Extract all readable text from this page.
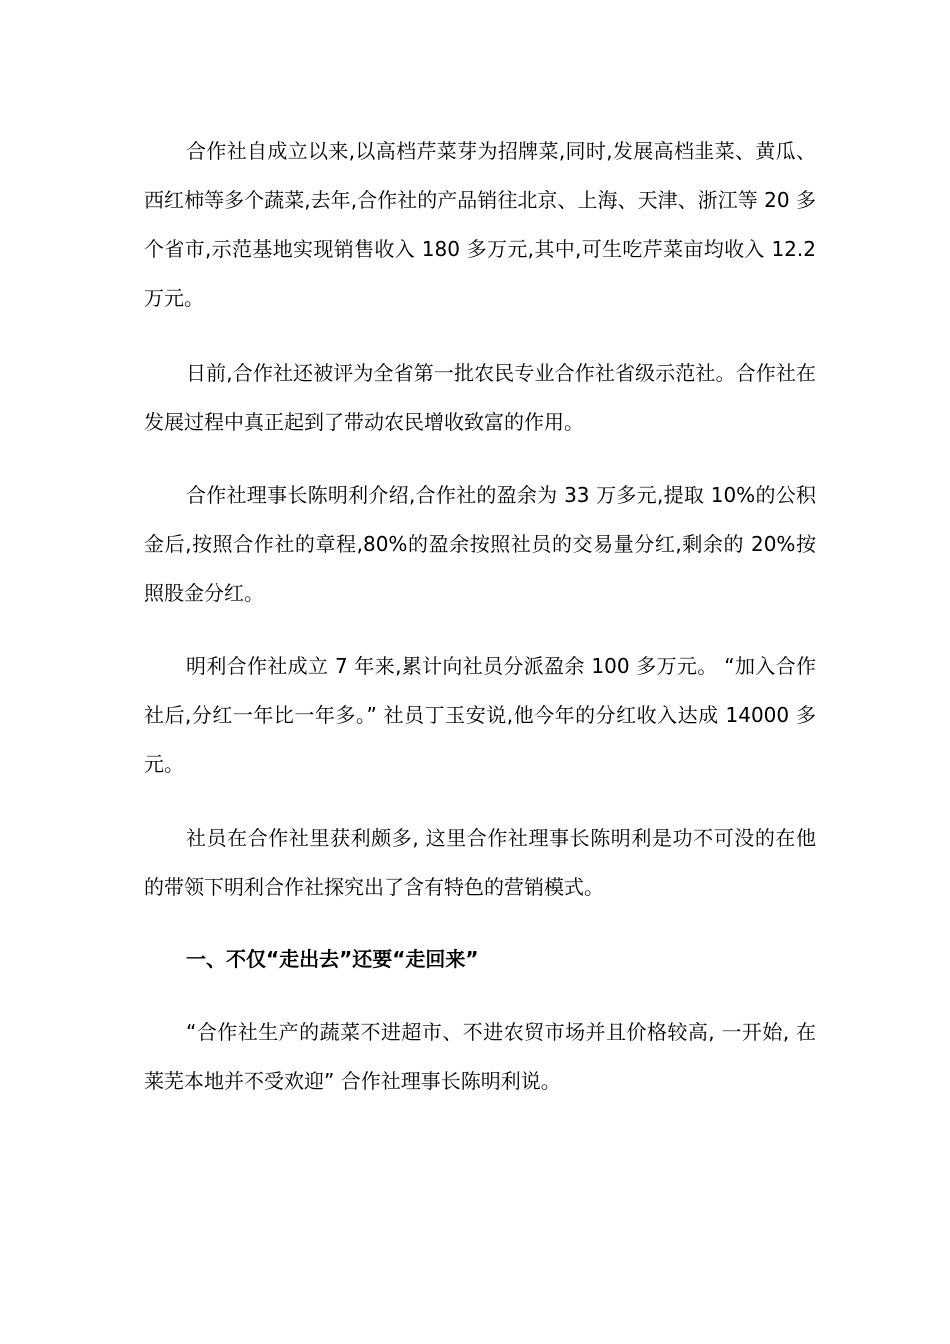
合作社自成立以来,以高档芹菜芽为招牌菜,同时,发展高档韭菜、黄瓜、西红柿等多个蔬菜,去年,合作社的产品销往北京、上海、天津、浙江等 20 多个省市,示范基地实现销售收入 180 多万元,其中,可生吃芹菜亩均收入 12.2 万元。

日前,合作社还被评为全省第一批农民专业合作社省级示范社。合作社在发展过程中真正起到了带动农民增收致富的作用。

合作社理事长陈明利介绍,合作社的盈余为 33 万多元,提取 10%的公积金后,按照合作社的章程,80%的盈余按照社员的交易量分红,剩余的 20%按照股金分红。

明利合作社成立 7 年来,累计向社员分派盈余 100 多万元。 “加入合作社后,分红一年比一年多。” 社员丁玉安说,他今年的分红收入达成 14000 多元。

社员在合作社里获利颇多, 这里合作社理事长陈明利是功不可没的在他的带领下明利合作社探究出了含有特色的营销模式。

一、不仅“走出去”还要“走回来”

“合作社生产的蔬菜不进超市、不进农贸市场并且价格较高, 一开始, 在莱芜本地并不受欢迎” 合作社理事长陈明利说。
